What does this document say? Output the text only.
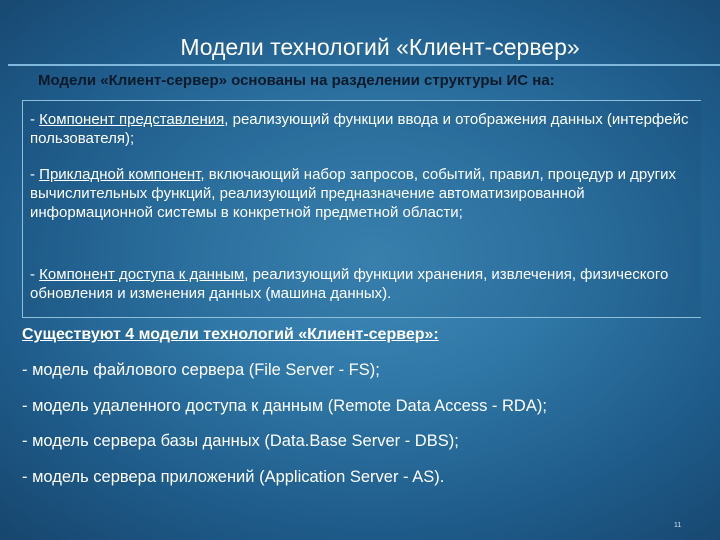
Модели технологий «Клиент-сервер»
Модели «Клиент-сервер» основаны на разделении структуры ИС на:
- Компонент представления, реализующий функции ввода и отображения данных (интерфейс пользователя);
- Прикладной компонент, включающий набор запросов, событий, правил, процедур и других вычислительных функций, реализующий предназначение автоматизированной информационной системы в конкретной предметной области;
- Компонент доступа к данным, реализующий функции хранения, извлечения, физического обновления и изменения данных (машина данных).
Существуют 4 модели технологий «Клиент-сервер»:
- модель файлового сервера (File Server - FS);
- модель удаленного доступа к данным (Remote Data Access - RDA);
- модель сервера базы данных (Data.Base Server - DBS);
- модель сервера приложений (Application Server - AS).
11
